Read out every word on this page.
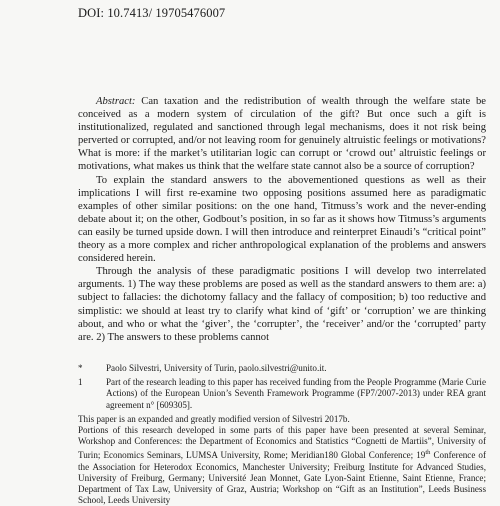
DOI: 10.7413/ 19705476007

Abstract: Can taxation and the redistribution of wealth through the welfare state be conceived as a modern system of circulation of the gift? But once such a gift is institutionalized, regulated and sanctioned through legal mechanisms, does it not risk being perverted or corrupted, and/or not leaving room for genuinely altruistic feelings or motivations? What is more: if the market’s utilitarian logic can corrupt or ‘crowd out’ altruistic feelings or motivations, what makes us think that the welfare state cannot also be a source of corruption?

To explain the standard answers to the abovementioned questions as well as their implications I will first re-examine two opposing positions assumed here as paradigmatic examples of other similar positions: on the one hand, Titmuss’s work and the never-ending debate about it; on the other, Godbout’s position, in so far as it shows how Titmuss’s arguments can easily be turned upside down. I will then introduce and reinterpret Einaudi’s “critical point” theory as a more complex and richer anthropological explanation of the problems and answers considered herein.

Through the analysis of these paradigmatic positions I will develop two interrelated arguments. 1) The way these problems are posed as well as the standard answers to them are: a) subject to fallacies: the dichotomy fallacy and the fallacy of composition; b) too reductive and simplistic: we should at least try to clarify what kind of ‘gift’ or ‘corruption’ we are thinking about, and who or what the ‘giver’, the ‘corrupter’, the ‘receiver’ and/or the ‘corrupted’ party are. 2) The answers to these problems cannot

*	Paolo Silvestri, University of Turin, paolo.silvestri@unito.it.
1	Part of the research leading to this paper has received funding from the People Programme (Marie Curie Actions) of the European Union’s Seventh Framework Programme (FP7/2007-2013) under REA grant agreement n° [609305].

This paper is an expanded and greatly modified version of Silvestri 2017b.

Portions of this research developed in some parts of this paper have been presented at several Seminar, Workshop and Conferences: the Department of Economics and Statistics “Cognetti de Martiis”, University of Turin; Economics Seminars, LUMSA University, Rome; Meridian180 Global Conference; 19th Conference of the Association for Heterodox Economics, Manchester University; Freiburg Institute for Advanced Studies, University of Freiburg, Germany; Université Jean Monnet, Gate Lyon-Saint Etienne, Saint Etienne, France; Department of Tax Law, University of Graz, Austria; Workshop on “Gift as an Institution”, Leeds Business School, Leeds University
